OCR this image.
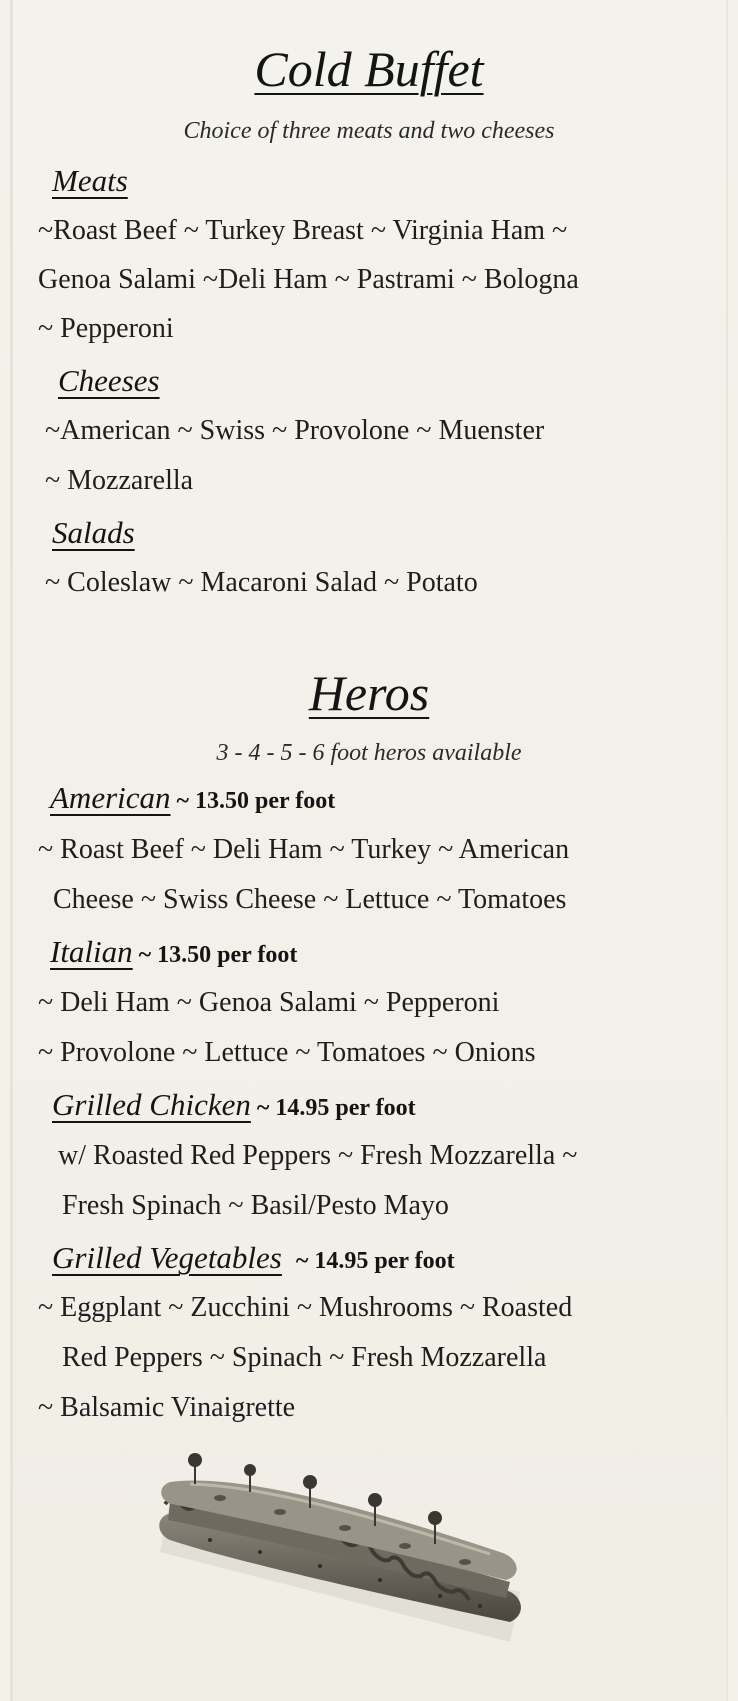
Cold Buffet
Choice of three meats and two cheeses
Meats
~Roast Beef ~ Turkey Breast ~ Virginia Ham ~
Genoa Salami ~Deli Ham ~ Pastrami ~ Bologna
~ Pepperoni
Cheeses
~American ~ Swiss ~ Provolone ~ Muenster
~ Mozzarella
Salads
~ Coleslaw ~ Macaroni Salad ~ Potato
Heros
3 - 4 - 5 - 6 foot heros available
American ~ 13.50 per foot
~ Roast Beef ~ Deli Ham ~ Turkey ~ American
Cheese ~ Swiss Cheese ~ Lettuce ~ Tomatoes
Italian ~ 13.50 per foot
~ Deli Ham ~ Genoa Salami ~ Pepperoni
~ Provolone ~ Lettuce ~ Tomatoes ~ Onions
Grilled Chicken ~ 14.95 per foot
w/ Roasted Red Peppers ~ Fresh Mozzarella ~
Fresh Spinach ~ Basil/Pesto Mayo
Grilled Vegetables ~ 14.95 per foot
~ Eggplant ~ Zucchini ~ Mushrooms ~ Roasted
Red Peppers ~ Spinach ~ Fresh Mozzarella
~ Balsamic Vinaigrette
